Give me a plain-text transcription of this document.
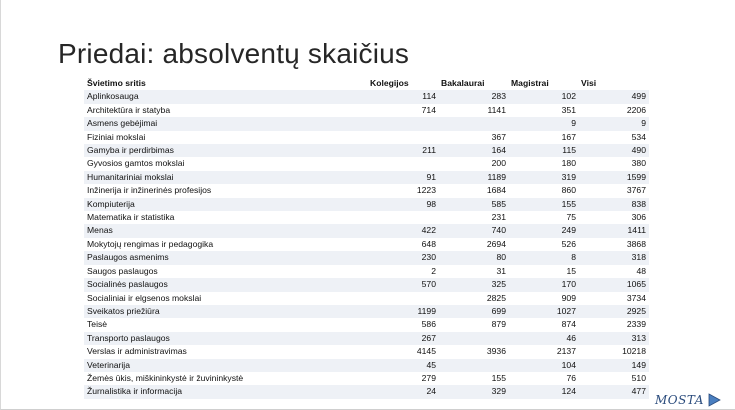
Priedai: absolventų skaičius
Švietimo sritis	Kolegijos	Bakalaurai	Magistrai	Visi
Aplinkosauga	114	283	102	499
Architektūra ir statyba	714	1141	351	2206
Asmens gebėjimai			9	9
Fiziniai mokslai		367	167	534
Gamyba ir perdirbimas	211	164	115	490
Gyvosios gamtos mokslai		200	180	380
Humanitariniai mokslai	91	1189	319	1599
Inžinerija ir inžinerinės profesijos	1223	1684	860	3767
Kompiuterija	98	585	155	838
Matematika ir statistika		231	75	306
Menas	422	740	249	1411
Mokytojų rengimas ir pedagogika	648	2694	526	3868
Paslaugos asmenims	230	80	8	318
Saugos paslaugos	2	31	15	48
Socialinės paslaugos	570	325	170	1065
Socialiniai ir elgsenos mokslai		2825	909	3734
Sveikatos priežiūra	1199	699	1027	2925
Teisė	586	879	874	2339
Transporto paslaugos	267		46	313
Verslas ir administravimas	4145	3936	2137	10218
Veterinarija	45		104	149
Žemės ūkis, miškininkystė ir žuvininkystė	279	155	76	510
Žurnalistika ir informacija	24	329	124	477
MOSTA
